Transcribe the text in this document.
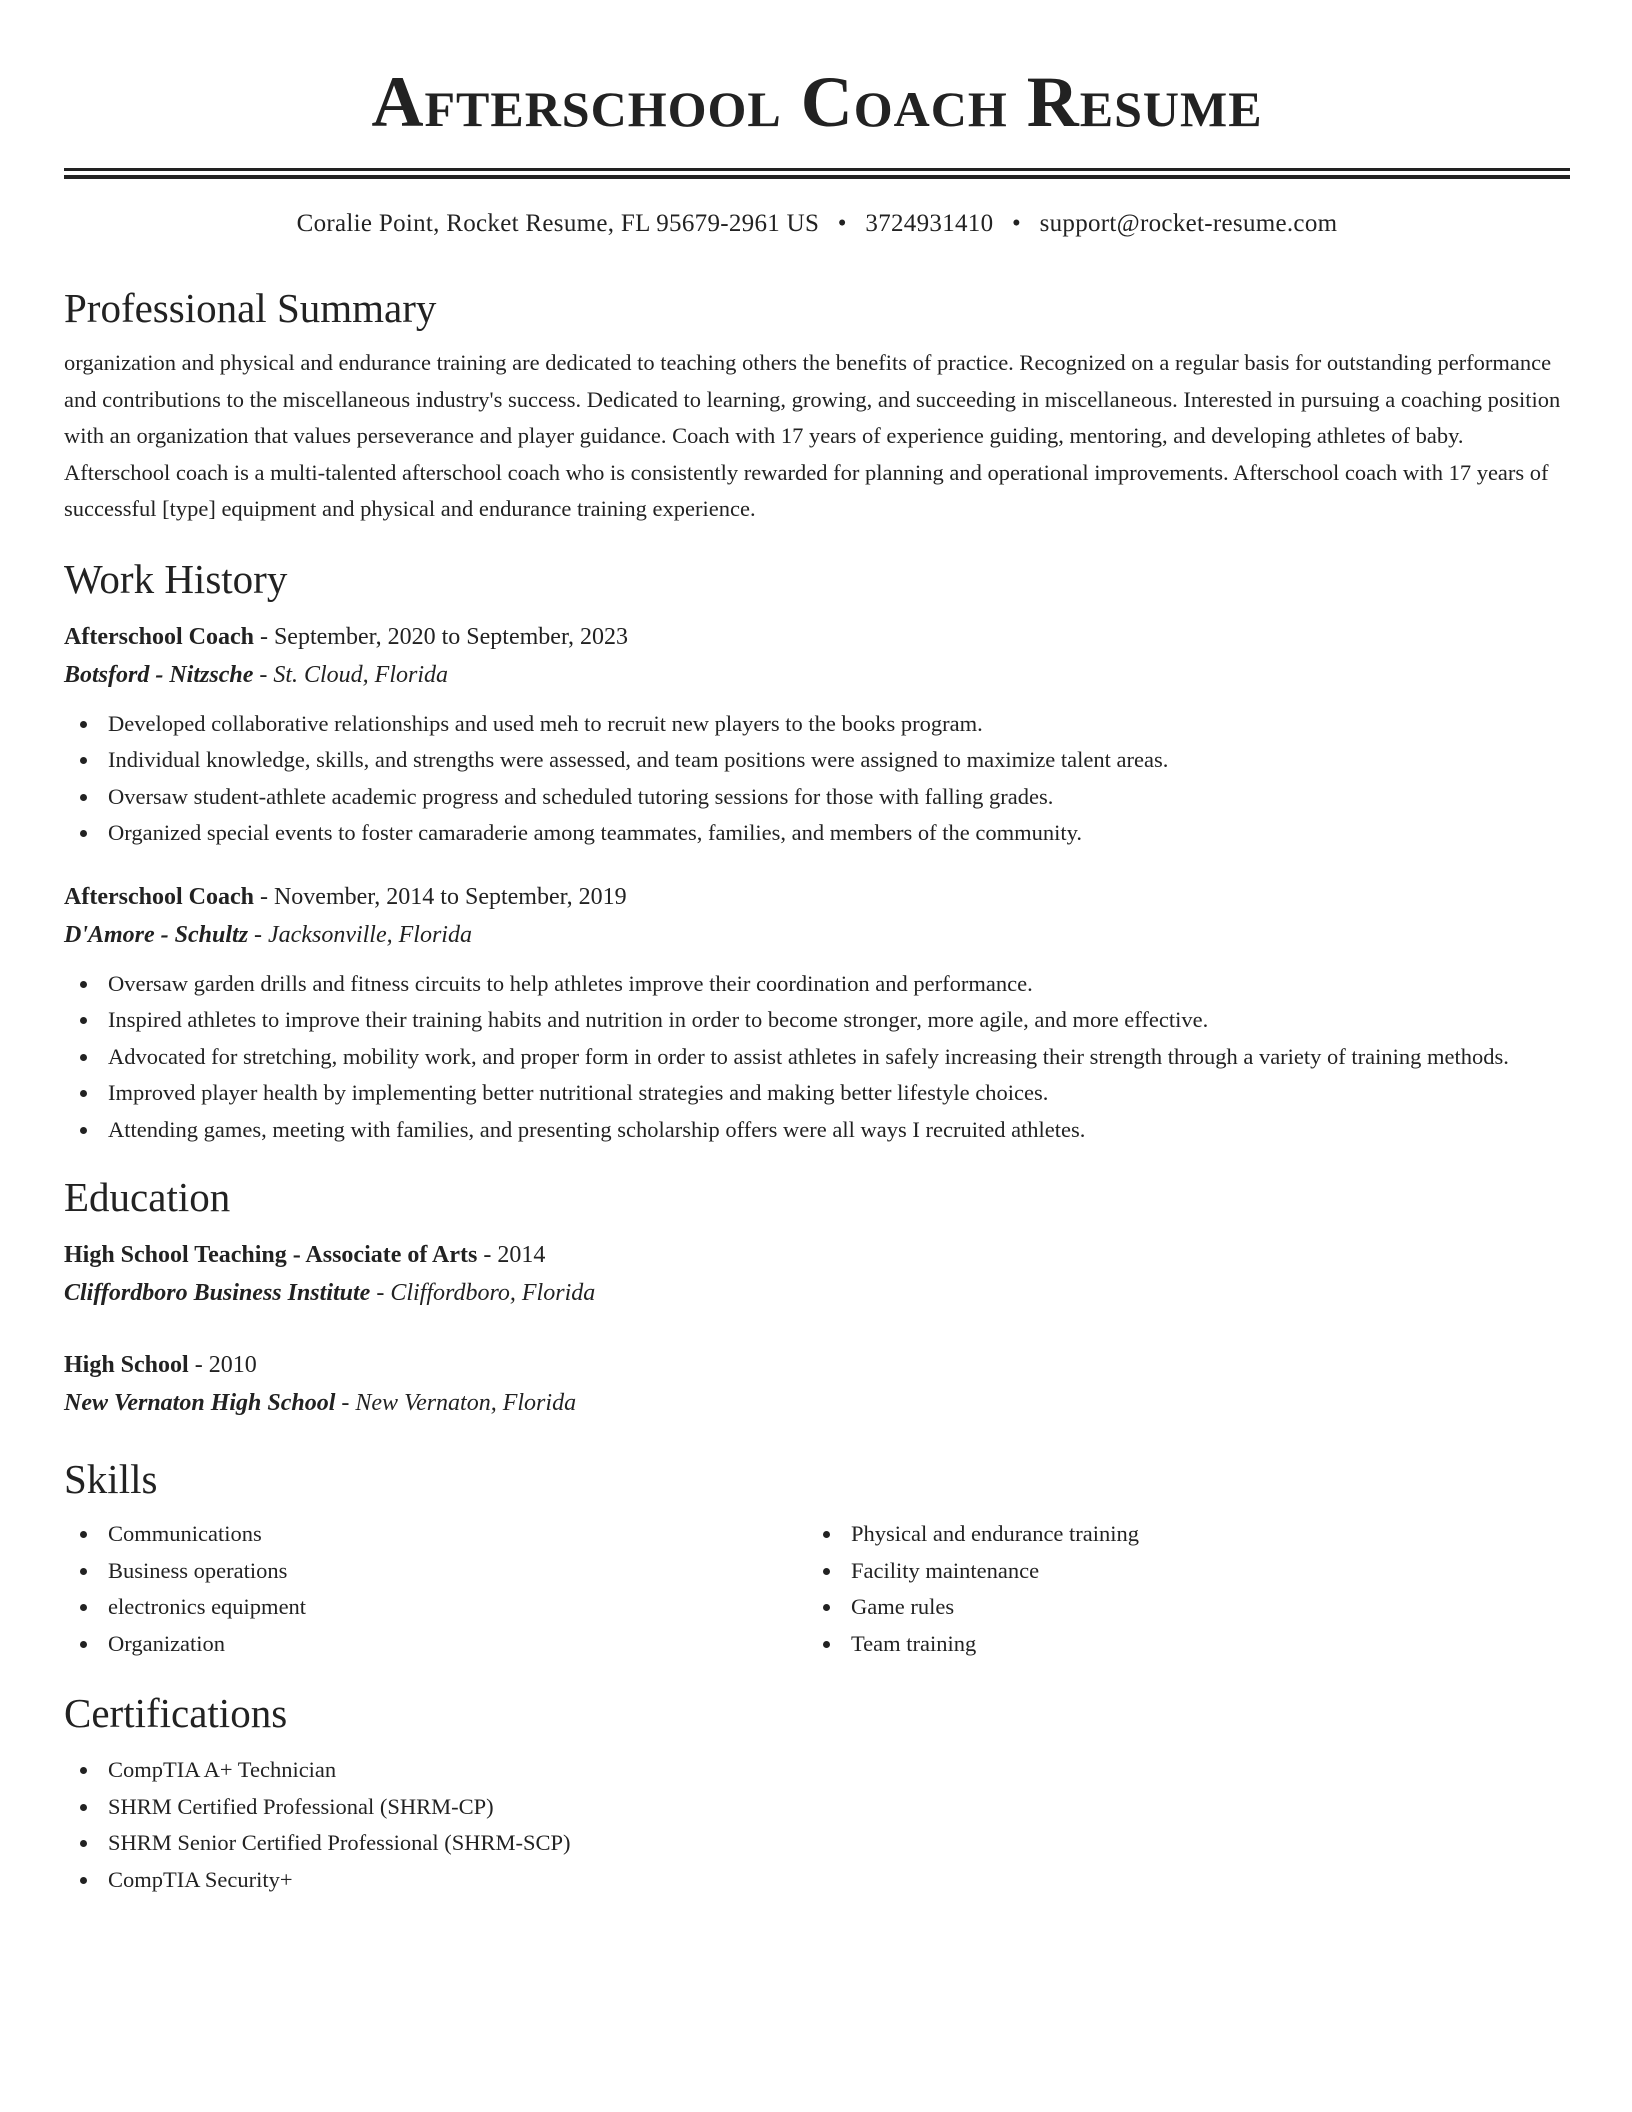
Afterschool Coach Resume
Coralie Point, Rocket Resume, FL 95679-2961 US • 3724931410 • support@rocket-resume.com
Professional Summary

organization and physical and endurance training are dedicated to teaching others the benefits of practice. Recognized on a regular basis for outstanding performance and contributions to the miscellaneous industry's success. Dedicated to learning, growing, and succeeding in miscellaneous. Interested in pursuing a coaching position with an organization that values perseverance and player guidance. Coach with 17 years of experience guiding, mentoring, and developing athletes of baby. Afterschool coach is a multi-talented afterschool coach who is consistently rewarded for planning and operational improvements. Afterschool coach with 17 years of successful [type] equipment and physical and endurance training experience.

Work History
Afterschool Coach - September, 2020 to September, 2023
Botsford - Nitzsche - St. Cloud, Florida
Developed collaborative relationships and used meh to recruit new players to the books program.
Individual knowledge, skills, and strengths were assessed, and team positions were assigned to maximize talent areas.
Oversaw student-athlete academic progress and scheduled tutoring sessions for those with falling grades.
Organized special events to foster camaraderie among teammates, families, and members of the community.
Afterschool Coach - November, 2014 to September, 2019
D'Amore - Schultz - Jacksonville, Florida
Oversaw garden drills and fitness circuits to help athletes improve their coordination and performance.
Inspired athletes to improve their training habits and nutrition in order to become stronger, more agile, and more effective.
Advocated for stretching, mobility work, and proper form in order to assist athletes in safely increasing their strength through a variety of training methods.
Improved player health by implementing better nutritional strategies and making better lifestyle choices.
Attending games, meeting with families, and presenting scholarship offers were all ways I recruited athletes.
Education
High School Teaching - Associate of Arts - 2014
Cliffordboro Business Institute - Cliffordboro, Florida
High School - 2010
New Vernaton High School - New Vernaton, Florida
Skills
Communications
Business operations
electronics equipment
Organization
Physical and endurance training
Facility maintenance
Game rules
Team training
Certifications
CompTIA A+ Technician
SHRM Certified Professional (SHRM-CP)
SHRM Senior Certified Professional (SHRM-SCP)
CompTIA Security+
